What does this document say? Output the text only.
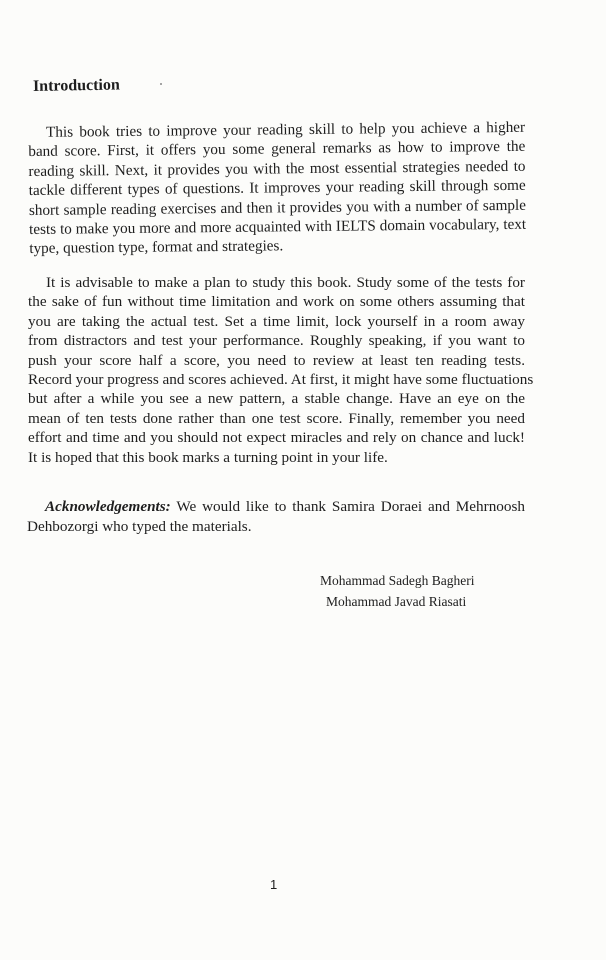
Introduction
This book tries to improve your reading skill to help you achieve a higher
band score. First, it offers you some general remarks as how to improve the
reading skill. Next, it provides you with the most essential strategies needed to
tackle different types of questions. It improves your reading skill through some
short sample reading exercises and then it provides you with a number of sample
tests to make you more and more acquainted with IELTS domain vocabulary, text
type, question type, format and strategies.
It is advisable to make a plan to study this book. Study some of the tests for
the sake of fun without time limitation and work on some others assuming that
you are taking the actual test. Set a time limit, lock yourself in a room away
from distractors and test your performance. Roughly speaking, if you want to
push your score half a score, you need to review at least ten reading tests.
Record your progress and scores achieved. At first, it might have some fluctuations
but after a while you see a new pattern, a stable change. Have an eye on the
mean of ten tests done rather than one test score. Finally, remember you need
effort and time and you should not expect miracles and rely on chance and luck!
It is hoped that this book marks a turning point in your life.
Acknowledgements: We would like to thank Samira Doraei and Mehrnoosh
Dehbozorgi who typed the materials.
Mohammad Sadegh Bagheri
Mohammad Javad Riasati
1
